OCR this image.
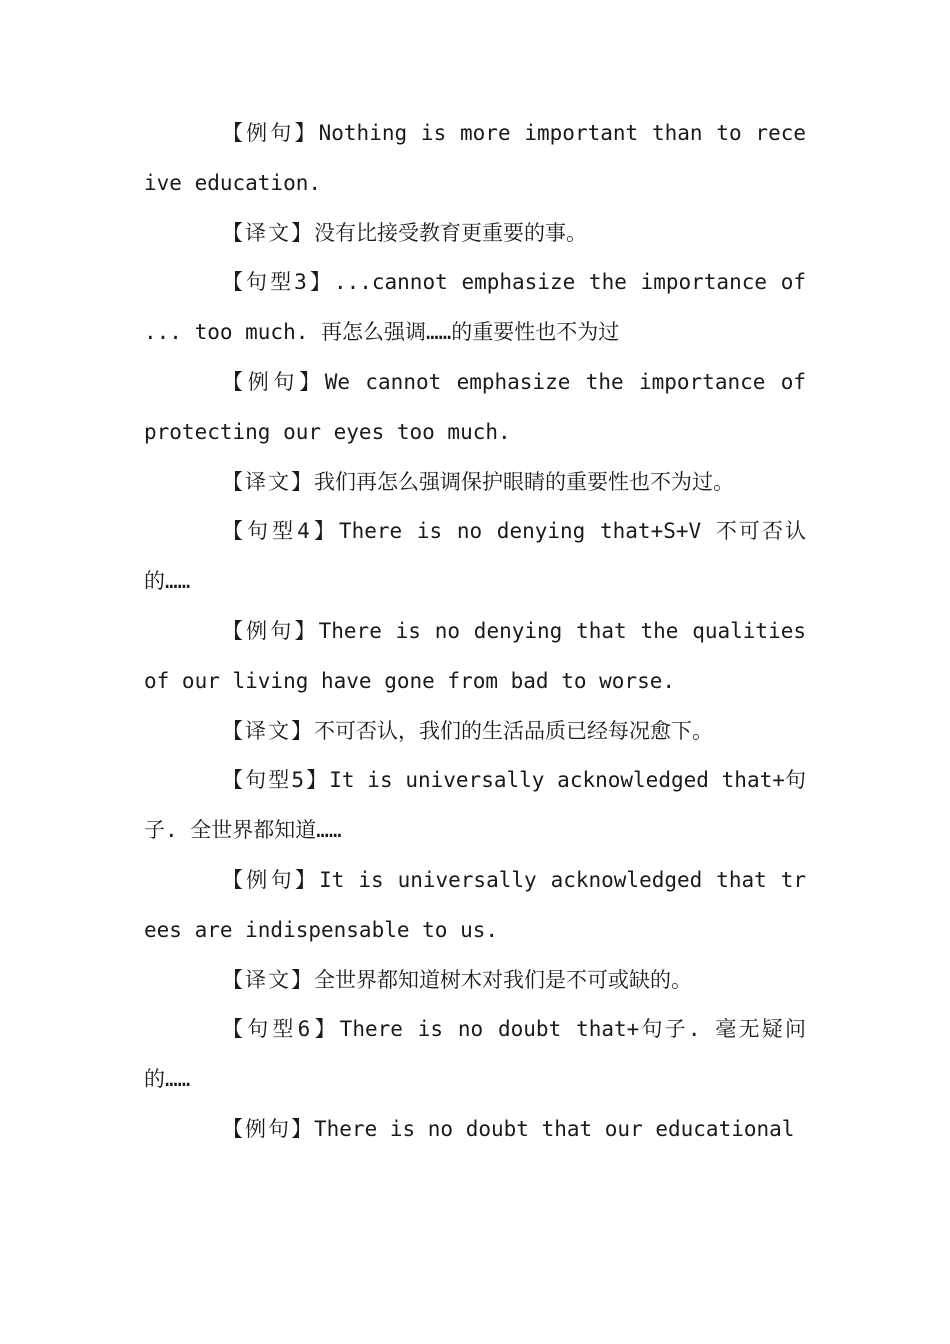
【例句】Nothing is more important than to receive education.

【译文】没有比接受教育更重要的事。

【句型3】...cannot emphasize the importance of ... too much. 再怎么强调……的重要性也不为过

【例句】We cannot emphasize the importance of protecting our eyes too much.

【译文】我们再怎么强调保护眼睛的重要性也不为过。

【句型4】There is no denying that+S+V 不可否认的……

【例句】There is no denying that the qualities of our living have gone from bad to worse.

【译文】不可否认，我们的生活品质已经每况愈下。

【句型5】It is universally acknowledged that+句子. 全世界都知道……

【例句】It is universally acknowledged that trees are indispensable to us.

【译文】全世界都知道树木对我们是不可或缺的。

【句型6】There is no doubt that+句子. 毫无疑问的……

【例句】There is no doubt that our educational
